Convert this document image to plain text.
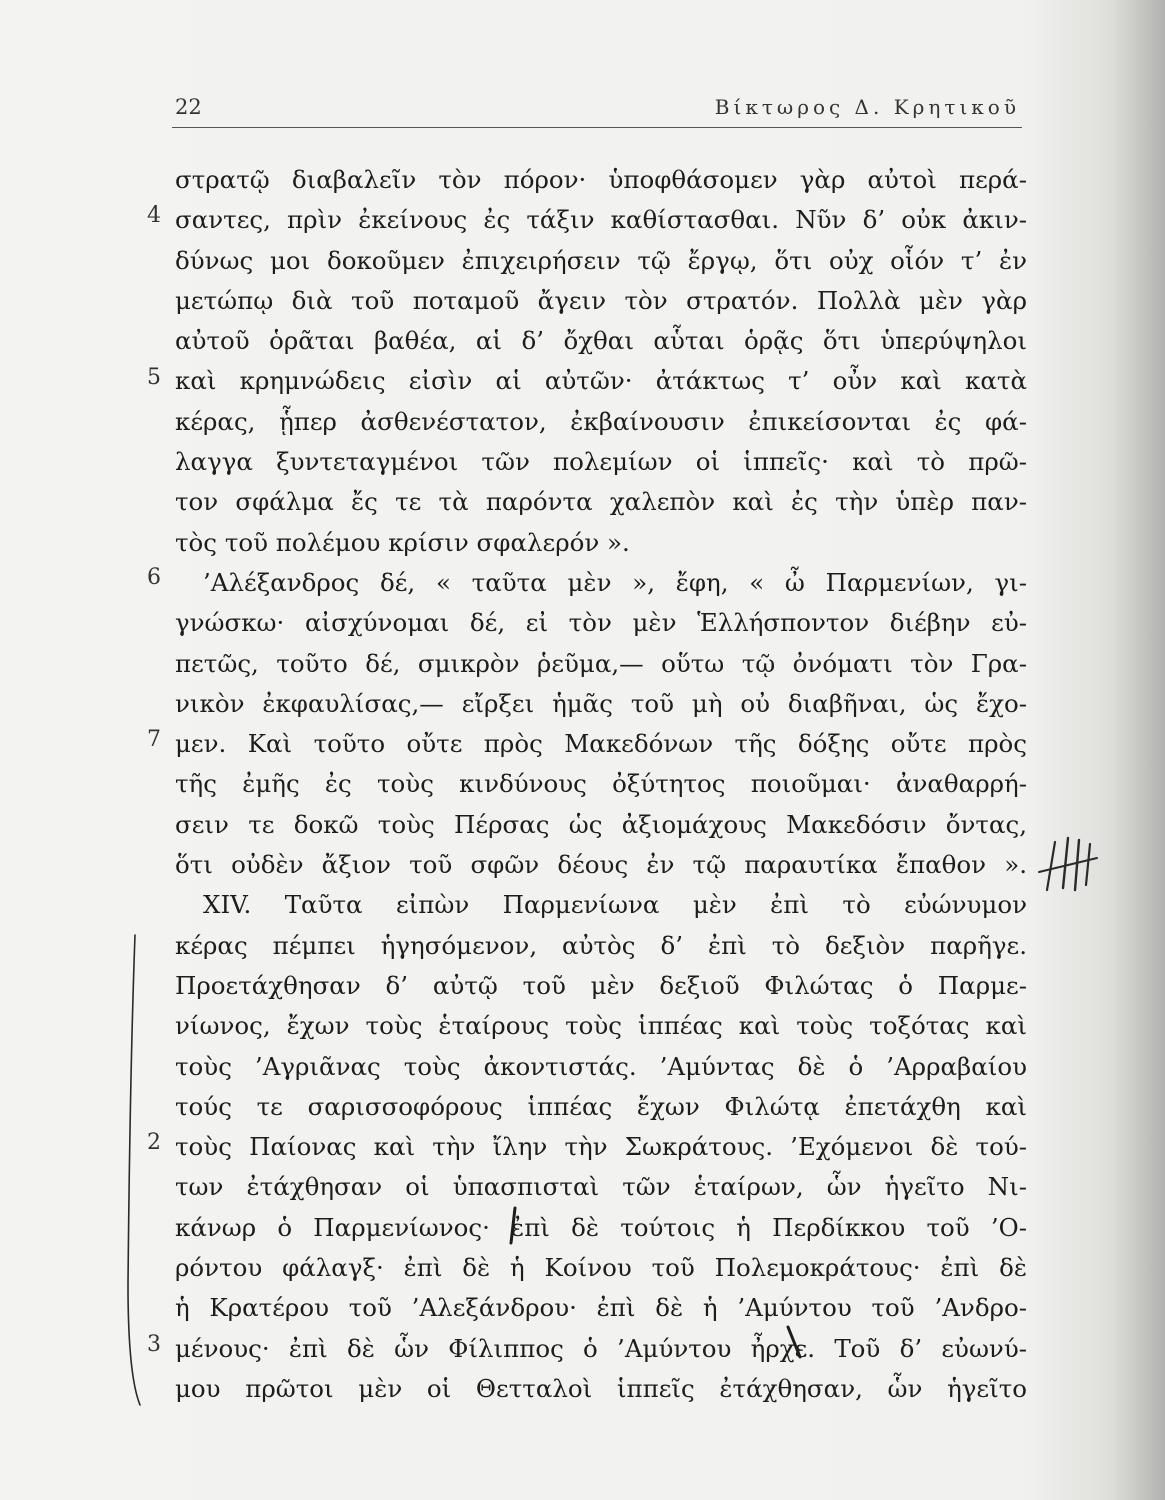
22	Βίκτωρος Δ. Κρητικοῦ
4
5
6
7
2
3
στρατῷ διαβαλεῖν τὸν πόρον· ὑποφθάσομεν γὰρ αὐτοὶ περά-
σαντες, πρὶν ἐκείνους ἐς τάξιν καθίστασθαι. Νῦν δ’ οὐκ ἀκιν-
δύνως μοι δοκοῦμεν ἐπιχειρήσειν τῷ ἔργῳ, ὅτι οὐχ οἷόν τ’ ἐν
μετώπῳ διὰ τοῦ ποταμοῦ ἄγειν τὸν στρατόν. Πολλὰ μὲν γὰρ
αὐτοῦ ὁρᾶται βαθέα, αἱ δ’ ὄχθαι αὗται ὁρᾷς ὅτι ὑπερύψηλοι
καὶ κρημνώδεις εἰσὶν αἱ αὐτῶν· ἀτάκτως τ’ οὖν καὶ κατὰ
κέρας, ᾗπερ ἀσθενέστατον, ἐκβαίνουσιν ἐπικείσονται ἐς φά-
λαγγα ξυντεταγμένοι τῶν πολεμίων οἱ ἱππεῖς· καὶ τὸ πρῶ-
τον σφάλμα ἔς τε τὰ παρόντα χαλεπὸν καὶ ἐς τὴν ὑπὲρ παν-
τὸς τοῦ πολέμου κρίσιν σφαλερόν ».
’Αλέξανδρος δέ, « ταῦτα μὲν », ἔφη, « ὦ Παρμενίων, γι-
γνώσκω· αἰσχύνομαι δέ, εἰ τὸν μὲν Ἑλλήσποντον διέβην εὐ-
πετῶς, τοῦτο δέ, σμικρὸν ῥεῦμα,— οὕτω τῷ ὀνόματι τὸν Γρα-
νικὸν ἐκφαυλίσας,— εἴρξει ἡμᾶς τοῦ μὴ οὐ διαβῆναι, ὡς ἔχο-
μεν. Καὶ τοῦτο οὔτε πρὸς Μακεδόνων τῆς δόξης οὔτε πρὸς
τῆς ἐμῆς ἐς τοὺς κινδύνους ὀξύτητος ποιοῦμαι· ἀναθαρρή-
σειν τε δοκῶ τοὺς Πέρσας ὡς ἀξιομάχους Μακεδόσιν ὄντας,
ὅτι οὐδὲν ἄξιον τοῦ σφῶν δέους ἐν τῷ παραυτίκα ἔπαθον ».
XIV. Ταῦτα εἰπὼν Παρμενίωνα μὲν ἐπὶ τὸ εὐώνυμον
κέρας πέμπει ἡγησόμενον, αὐτὸς δ’ ἐπὶ τὸ δεξιὸν παρῆγε.
Προετάχθησαν δ’ αὐτῷ τοῦ μὲν δεξιοῦ Φιλώτας ὁ Παρμε-
νίωνος, ἔχων τοὺς ἑταίρους τοὺς ἱππέας καὶ τοὺς τοξότας καὶ
τοὺς ’Αγριᾶνας τοὺς ἀκοντιστάς. ’Αμύντας δὲ ὁ ’Αρραβαίου
τούς τε σαρισσοφόρους ἱππέας ἔχων Φιλώτᾳ ἐπετάχθη καὶ
τοὺς Παίονας καὶ τὴν ἴλην τὴν Σωκράτους. ’Εχόμενοι δὲ τού-
των ἐτάχθησαν οἱ ὑπασπισταὶ τῶν ἑταίρων, ὧν ἡγεῖτο Νι-
κάνωρ ὁ Παρμενίωνος· ἐπὶ δὲ τούτοις ἡ Περδίκκου τοῦ ’Ο-
ρόντου φάλαγξ· ἐπὶ δὲ ἡ Κοίνου τοῦ Πολεμοκράτους· ἐπὶ δὲ
ἡ Κρατέρου τοῦ ’Αλεξάνδρου· ἐπὶ δὲ ἡ ’Αμύντου τοῦ ’Ανδρο-
μένους· ἐπὶ δὲ ὧν Φίλιππος ὁ ’Αμύντου ἦρχε. Τοῦ δ’ εὐωνύ-
μου πρῶτοι μὲν οἱ Θετταλοὶ ἱππεῖς ἐτάχθησαν, ὧν ἡγεῖτο
